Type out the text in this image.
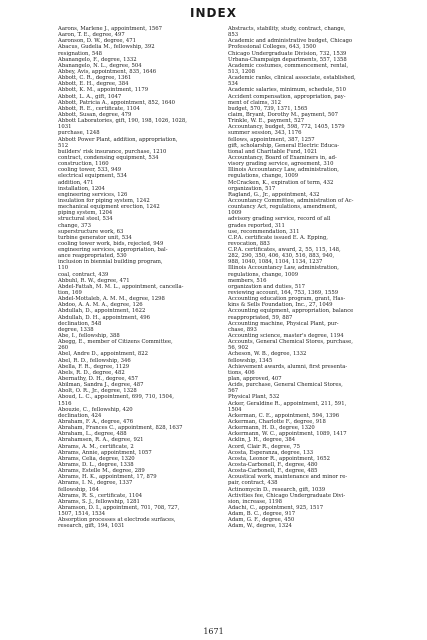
INDEX
Aarons, Marlene J., appointment, 1567
Aaron, T. E., degree, 497
Aaronson, D. W., degree, 471
Abacus, Gudelia M., fellowship, 392
resignation, 548
Abanangelo, F., degree, 1332
Abanangelo, N. L., degree, 504
Abbey, Avis, appointment, 835, 1646
Abbott, C. R., degree, 1361
Abbott, E. H., degree, 384
Abbott, K. M., appointment, 1179
Abbott, L. A., gift, 1047
Abbott, Patricia A., appointment, 852, 1640
Abbott, R. E., certificate, 1104
Abbott, Susan, degree, 479
Abbott Laboratories, gift, 190, 198, 1026, 1028,
1031
purchase, 1248
Abbott Power Plant, addition, appropriation,
512
builders' risk insurance, purchase, 1210
contract, condensing equipment, 534
construction, 1160
cooling tower, 533, 949
electrical equipment, 534
addition, 471
installation, 1204
engineering services, 126
insulation for piping system, 1242
mechanical equipment erection, 1242
piping system, 1204
structural steel, 534
change, 373
superstructure work, 63
turbine generator unit, 534
cooling tower work, bids, rejected, 949
engineering services, appropriation, bal-
ance reappropriated, 530
inclusion in biennial building program,
110
coal, contract, 439
Abbuhl, R. W., degree, 471
Abdel-Fattah, M. M. L., appointment, cancella-
tion, 169
Abdel-Mottaleb, A. M. M., degree, 1298
Abdoo, A. A. M. A., degree, 126
Abdullah, D., appointment, 1622
Abdullah, D. H., appointment, 496
declination, 548
degree, 1338
Abe, I., fellowship, 388
Abegg, E., member of Citizens Committee,
260
Abel, Andre D., appointment, 822
Abel, R. D., fellowship, 346
Abella, F. R., degree, 1129
Abels, R. D., degree, 482
Abernathy, D. H., degree, 457
Abilman, Sandra J., degree, 487
Abolt, O. R., Jr., degree, 1328
Aboud, L. C., appointment, 699, 710, 1504,
1516
Abouzie, C., fellowship, 420
declination, 424
Abraham, F. A., degree, 476
Abraham, Frances C., appointment, 828, 1637
Abraham, L., degree, 488
Abrahamsen, R. A., degree, 921
Abrams, A. M., certificate, 2
Abrams, Annie, appointment, 1057
Abrams, Celia, degree, 1320
Abrams, D. L., degree, 1338
Abrams, Estelle M., degree, 289
Abrams, H. K., appointment, 17, 879
Abrams, I. N., degree, 1337
fellowship, 164
Abrams, R. S., certificate, 1104
Abrams, S. J., fellowship, 1281
Abramson, D. I., appointment, 701, 708, 727,
1507, 1514, 1534
Absorption processes at electrode surfaces,
research, gift, 194, 1031
Abstracts, stability, study, contract, change,
853
Academic and administrative budget, Chicago
Professional Colleges, 643, 1500
Chicago Undergraduate Division, 732, 1539
Urbana-Champaign departments, 557, 1358
Academic costumes, commencement, rental,
513, 1208
Academic ranks, clinical associate, established,
534
Academic salaries, minimum, schedule, 510
Accident compensation, appropriation, pay-
ment of claims, 312
budget, 570, 739, 1371, 1565
claim, Bryant, Dorothy M., payment, 507
Trinkle, W. E., payment, 527
Accountancy, budget, 598, 772, 1405, 1579
summer session, 343, 1176
fellows, appointment, 387, 1257
gift, scholarship, General Electric Educa-
tional and Charitable Fund, 1021
Accountancy, Board of Examiners in, ad-
visory grading service, agreement, 310
Illinois Accountancy Law, administration,
regulations, change, 1009
McCracken, K., expiration of term, 432
organization, 517
Ragland, G., Jr., appointment, 432
Accountancy Committee, administration of Ac-
countancy Act, regulations, amendment,
1009
advisory grading service, record of all
grades reported, 311
use, recommendation, 311
C.P.A. certificate issued E. A. Epping,
revocation, 883
C.P.A. certificates, award, 2, 55, 115, 148,
282, 290, 350, 406, 430, 516, 883, 940,
988, 1040, 1084, 1104, 1134, 1237
Illinois Accountancy Law, administration,
regulations, change, 1009
members, 516
organization and duties, 517
reviewing account, 164, 753, 1369, 1559
Accounting education program, grant, Has-
kins & Sells Foundation, Inc., 27, 1049
Accounting equipment, appropriation, balance
reappropriated, 59, 887
Accounting machine, Physical Plant, pur-
chase, 893
Accounting science, master's degree, 1194
Accounts, General Chemical Stores, purchase,
56, 902
Acheson, W. B., degree, 1332
fellowship, 1345
Achievement awards, alumni, first presenta-
tions, 406
plan, approved, 407
Acids, purchase, General Chemical Stores,
567
Physical Plant, 532
Acker, Geraldine R., appointment, 211, 591,
1504
Ackerman, C. E., appointment, 594, 1396
Ackerman, Charlotte F., degree, 918
Ackermann, H. D., degree, 1320
Ackermann, W. C., appointment, 1089, 1417
Acklin, J. H., degree, 384
Acord, Clair R., degree, 75
Acosta, Esperanza, degree, 133
Acosta, Leonor R., appointment, 1652
Acosta-Carbonell, F., degree, 480
Acosta-Carbonell, F., degree, 485
Acoustical work, maintenance and minor re-
pair, contract, 438
Actinomycin D., research, gift, 1039
Activities fee, Chicago Undergraduate Divi-
sion, increase, 1198
Adachi, C., appointment, 925, 1517
Adam, B. C., degree, 917
Adam, G. F., degree, 450
Adam, W., degree, 1324
1671
